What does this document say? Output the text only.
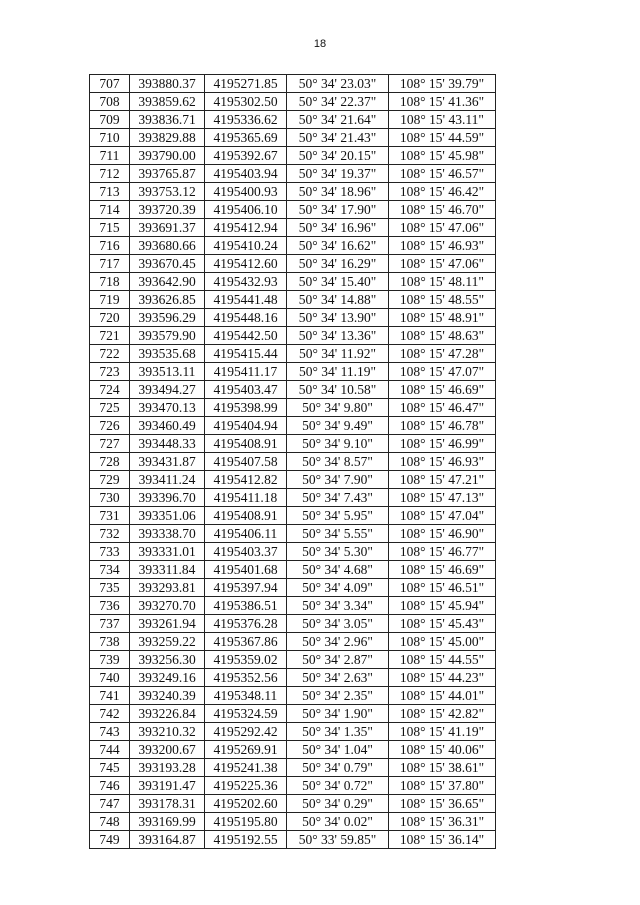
18
707	393880.37	4195271.85	50° 34' 23.03"	108° 15' 39.79"
708	393859.62	4195302.50	50° 34' 22.37"	108° 15' 41.36"
709	393836.71	4195336.62	50° 34' 21.64"	108° 15' 43.11"
710	393829.88	4195365.69	50° 34' 21.43"	108° 15' 44.59"
711	393790.00	4195392.67	50° 34' 20.15"	108° 15' 45.98"
712	393765.87	4195403.94	50° 34' 19.37"	108° 15' 46.57"
713	393753.12	4195400.93	50° 34' 18.96"	108° 15' 46.42"
714	393720.39	4195406.10	50° 34' 17.90"	108° 15' 46.70"
715	393691.37	4195412.94	50° 34' 16.96"	108° 15' 47.06"
716	393680.66	4195410.24	50° 34' 16.62"	108° 15' 46.93"
717	393670.45	4195412.60	50° 34' 16.29"	108° 15' 47.06"
718	393642.90	4195432.93	50° 34' 15.40"	108° 15' 48.11"
719	393626.85	4195441.48	50° 34' 14.88"	108° 15' 48.55"
720	393596.29	4195448.16	50° 34' 13.90"	108° 15' 48.91"
721	393579.90	4195442.50	50° 34' 13.36"	108° 15' 48.63"
722	393535.68	4195415.44	50° 34' 11.92"	108° 15' 47.28"
723	393513.11	4195411.17	50° 34' 11.19"	108° 15' 47.07"
724	393494.27	4195403.47	50° 34' 10.58"	108° 15' 46.69"
725	393470.13	4195398.99	50° 34' 9.80"	108° 15' 46.47"
726	393460.49	4195404.94	50° 34' 9.49"	108° 15' 46.78"
727	393448.33	4195408.91	50° 34' 9.10"	108° 15' 46.99"
728	393431.87	4195407.58	50° 34' 8.57"	108° 15' 46.93"
729	393411.24	4195412.82	50° 34' 7.90"	108° 15' 47.21"
730	393396.70	4195411.18	50° 34' 7.43"	108° 15' 47.13"
731	393351.06	4195408.91	50° 34' 5.95"	108° 15' 47.04"
732	393338.70	4195406.11	50° 34' 5.55"	108° 15' 46.90"
733	393331.01	4195403.37	50° 34' 5.30"	108° 15' 46.77"
734	393311.84	4195401.68	50° 34' 4.68"	108° 15' 46.69"
735	393293.81	4195397.94	50° 34' 4.09"	108° 15' 46.51"
736	393270.70	4195386.51	50° 34' 3.34"	108° 15' 45.94"
737	393261.94	4195376.28	50° 34' 3.05"	108° 15' 45.43"
738	393259.22	4195367.86	50° 34' 2.96"	108° 15' 45.00"
739	393256.30	4195359.02	50° 34' 2.87"	108° 15' 44.55"
740	393249.16	4195352.56	50° 34' 2.63"	108° 15' 44.23"
741	393240.39	4195348.11	50° 34' 2.35"	108° 15' 44.01"
742	393226.84	4195324.59	50° 34' 1.90"	108° 15' 42.82"
743	393210.32	4195292.42	50° 34' 1.35"	108° 15' 41.19"
744	393200.67	4195269.91	50° 34' 1.04"	108° 15' 40.06"
745	393193.28	4195241.38	50° 34' 0.79"	108° 15' 38.61"
746	393191.47	4195225.36	50° 34' 0.72"	108° 15' 37.80"
747	393178.31	4195202.60	50° 34' 0.29"	108° 15' 36.65"
748	393169.99	4195195.80	50° 34' 0.02"	108° 15' 36.31"
749	393164.87	4195192.55	50° 33' 59.85"	108° 15' 36.14"
